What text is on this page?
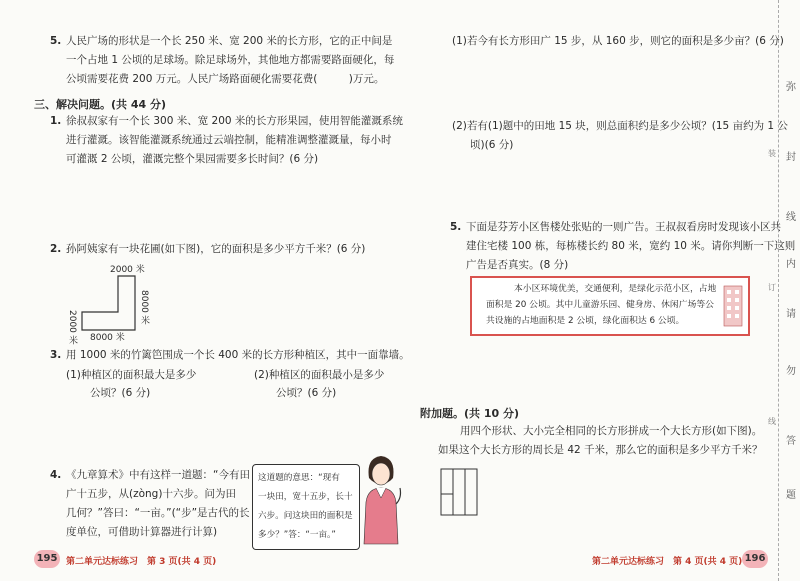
5. 人民广场的形状是一个长 250 米、宽 200 米的长方形，它的正中间是
一个占地 1 公顷的足球场。除足球场外，其他地方都需要路面硬化，每
公顷需要花费 200 万元。人民广场路面硬化需要花费(　　　)万元。
三、解决问题。(共 44 分)
1. 徐叔叔家有一个长 300 米、宽 200 米的长方形果园，使用智能灌溉系统
进行灌溉。该智能灌溉系统通过云端控制，能精准调整灌溉量，每小时
可灌溉 2 公顷，灌溉完整个果园需要多长时间？(6 分)
2. 孙阿姨家有一块花圃(如下图)，它的面积是多少平方千米？(6 分)
2000 米
8000 米
2000 米 8000 米
3. 用 1000 米的竹篱笆围成一个长 400 米的长方形种植区，其中一面靠墙。
(1)种植区的面积最大是多少
公顷？(6 分)
(2)种植区的面积最小是多少
公顷？(6 分)
4. 《九章算术》中有这样一道题：“今有田
广十五步，从(zòng)十六步。问为田
几何？”答曰：“一亩。”(“步”是古代的长
度单位，可借助计算器进行计算)
这道题的意思：“现有
一块田，宽十五步，长十
六步。问这块田的面积是
多少？”答：“一亩。”
195 第二单元达标练习　第 3 页(共 4 页)
(1)若今有长方形田广 15 步，从 160 步，则它的面积是多少亩？(6 分)
(2)若有(1)题中的田地 15 块，则总面积约是多少公顷？(15 亩约为 1 公
顷)(6 分)
5. 下面是芬芳小区售楼处张贴的一则广告。王叔叔看房时发现该小区共
建住宅楼 100 栋，每栋楼长约 80 米，宽约 10 米。请你判断一下这则
广告是否真实。(8 分)
本小区环境优美，交通便利，是绿化示范小区，占地
面积是 20 公顷。其中儿童游乐园、健身房、休闲广场等公
共设施的占地面积是 2 公顷，绿化面积达 6 公顷。
附加题。(共 10 分)
用四个形状、大小完全相同的长方形拼成一个大长方形(如下图)。
如果这个大长方形的周长是 42 千米，那么它的面积是多少平方千米？
第二单元达标练习　第 4 页(共 4 页) 196
弥
封
线
内
请
勿
答
题
装
订
线
